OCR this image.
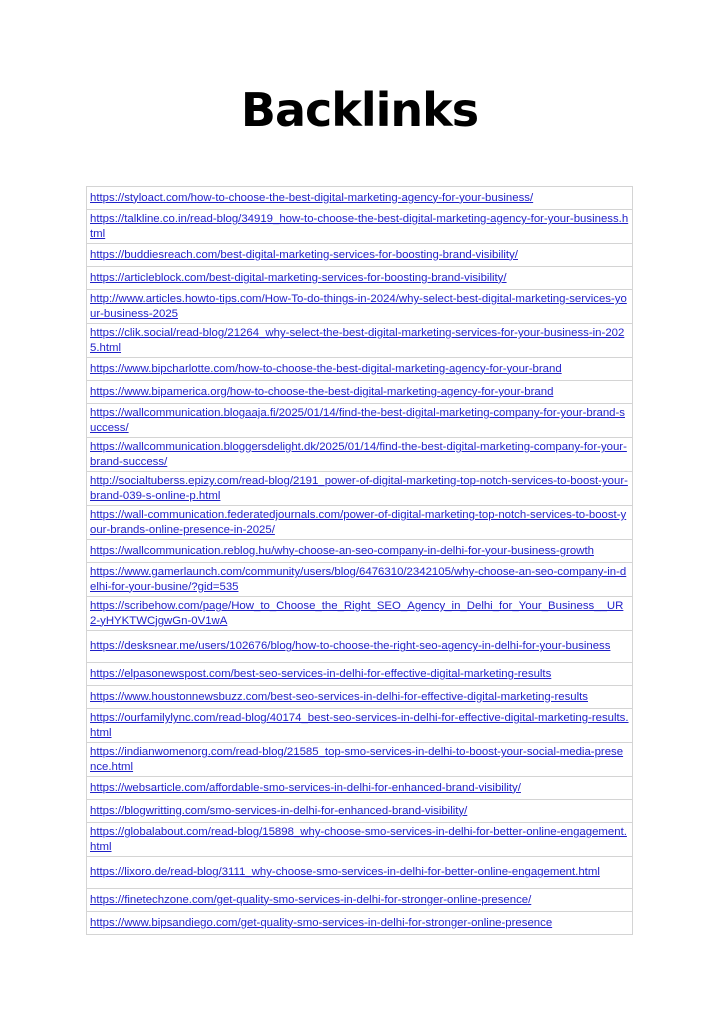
Backlinks
https://styloact.com/how-to-choose-the-best-digital-marketing-agency-for-your-business/
https://talkline.co.in/read-blog/34919_how-to-choose-the-best-digital-marketing-agency-for-your-business.html
https://buddiesreach.com/best-digital-marketing-services-for-boosting-brand-visibility/
https://articleblock.com/best-digital-marketing-services-for-boosting-brand-visibility/
http://www.articles.howto-tips.com/How-To-do-things-in-2024/why-select-best-digital-marketing-services-your-business-2025
https://clik.social/read-blog/21264_why-select-the-best-digital-marketing-services-for-your-business-in-2025.html
https://www.bipcharlotte.com/how-to-choose-the-best-digital-marketing-agency-for-your-brand
https://www.bipamerica.org/how-to-choose-the-best-digital-marketing-agency-for-your-brand
https://wallcommunication.blogaaja.fi/2025/01/14/find-the-best-digital-marketing-company-for-your-brand-success/
https://wallcommunication.bloggersdelight.dk/2025/01/14/find-the-best-digital-marketing-company-for-your-brand-success/
http://socialtuberss.epizy.com/read-blog/2191_power-of-digital-marketing-top-notch-services-to-boost-your-brand-039-s-online-p.html
https://wall-communication.federatedjournals.com/power-of-digital-marketing-top-notch-services-to-boost-your-brands-online-presence-in-2025/
https://wallcommunication.reblog.hu/why-choose-an-seo-company-in-delhi-for-your-business-growth
https://www.gamerlaunch.com/community/users/blog/6476310/2342105/why-choose-an-seo-company-in-delhi-for-your-busine/?gid=535
https://scribehow.com/page/How_to_Choose_the_Right_SEO_Agency_in_Delhi_for_Your_Business__UR2-yHYKTWCjgwGn-0V1wA
https://desksnear.me/users/102676/blog/how-to-choose-the-right-seo-agency-in-delhi-for-your-business
https://elpasonewspost.com/best-seo-services-in-delhi-for-effective-digital-marketing-results
https://www.houstonnewsbuzz.com/best-seo-services-in-delhi-for-effective-digital-marketing-results
https://ourfamilylync.com/read-blog/40174_best-seo-services-in-delhi-for-effective-digital-marketing-results.html
https://indianwomenorg.com/read-blog/21585_top-smo-services-in-delhi-to-boost-your-social-media-presence.html
https://websarticle.com/affordable-smo-services-in-delhi-for-enhanced-brand-visibility/
https://blogwritting.com/smo-services-in-delhi-for-enhanced-brand-visibility/
https://globalabout.com/read-blog/15898_why-choose-smo-services-in-delhi-for-better-online-engagement.html
https://lixoro.de/read-blog/3111_why-choose-smo-services-in-delhi-for-better-online-engagement.html
https://finetechzone.com/get-quality-smo-services-in-delhi-for-stronger-online-presence/
https://www.bipsandiego.com/get-quality-smo-services-in-delhi-for-stronger-online-presence
